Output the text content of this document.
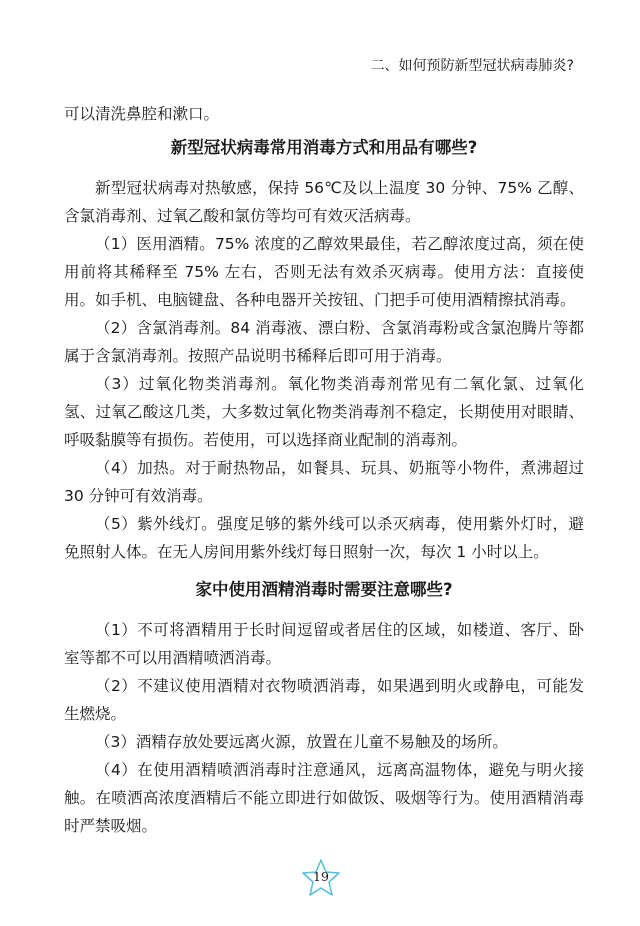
二、如何预防新型冠状病毒肺炎?

可以清洗鼻腔和漱口。

新型冠状病毒常用消毒方式和用品有哪些?

新型冠状病毒对热敏感，保持 56℃及以上温度 30 分钟、75% 乙醇、含氯消毒剂、过氧乙酸和氯仿等均可有效灭活病毒。

（1）医用酒精。75% 浓度的乙醇效果最佳，若乙醇浓度过高，须在使用前将其稀释至 75% 左右，否则无法有效杀灭病毒。使用方法：直接使用。如手机、电脑键盘、各种电器开关按钮、门把手可使用酒精擦拭消毒。

（2）含氯消毒剂。84 消毒液、漂白粉、含氯消毒粉或含氯泡腾片等都属于含氯消毒剂。按照产品说明书稀释后即可用于消毒。

（3）过氧化物类消毒剂。氧化物类消毒剂常见有二氧化氯、过氧化氢、过氧乙酸这几类，大多数过氧化物类消毒剂不稳定，长期使用对眼睛、呼吸黏膜等有损伤。若使用，可以选择商业配制的消毒剂。

（4）加热。对于耐热物品，如餐具、玩具、奶瓶等小物件，煮沸超过 30 分钟可有效消毒。

（5）紫外线灯。强度足够的紫外线可以杀灭病毒，使用紫外灯时，避免照射人体。在无人房间用紫外线灯每日照射一次，每次 1 小时以上。

家中使用酒精消毒时需要注意哪些?

（1）不可将酒精用于长时间逗留或者居住的区域，如楼道、客厅、卧室等都不可以用酒精喷洒消毒。

（2）不建议使用酒精对衣物喷洒消毒，如果遇到明火或静电，可能发生燃烧。

（3）酒精存放处要远离火源，放置在儿童不易触及的场所。

（4）在使用酒精喷洒消毒时注意通风，远离高温物体，避免与明火接触。在喷洒高浓度酒精后不能立即进行如做饭、吸烟等行为。使用酒精消毒时严禁吸烟。

19
